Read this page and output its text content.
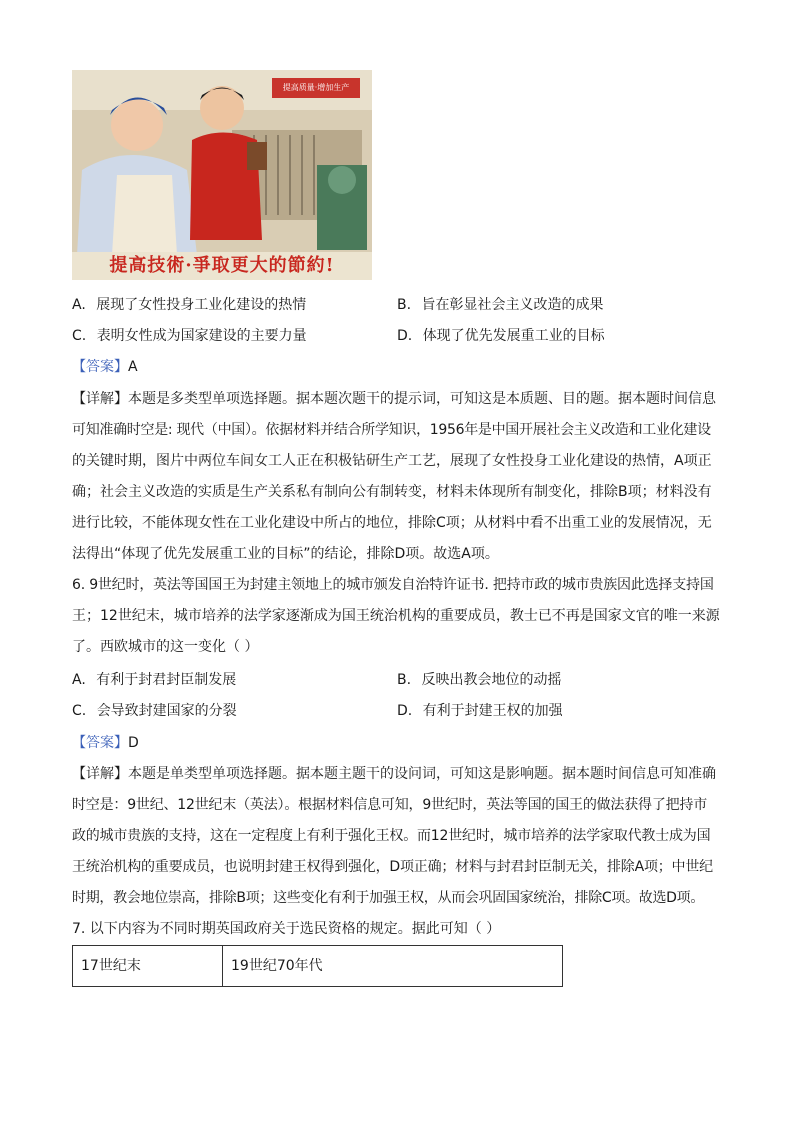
提高技術·爭取更大的節約!
提高质量·增加生产
A. 展现了女性投身工业化建设的热情	B. 旨在彰显社会主义改造的成果
C. 表明女性成为国家建设的主要力量	D. 体现了优先发展重工业的目标
【答案】A
【详解】本题是多类型单项选择题。据本题次题干的提示词，可知这是本质题、目的题。据本题时间信息
可知准确时空是: 现代（中国）。依据材料并结合所学知识，1956年是中国开展社会主义改造和工业化建设
的关键时期，图片中两位车间女工人正在积极钻研生产工艺，展现了女性投身工业化建设的热情，A项正
确；社会主义改造的实质是生产关系私有制向公有制转变，材料未体现所有制变化，排除B项；材料没有
进行比较，不能体现女性在工业化建设中所占的地位，排除C项；从材料中看不出重工业的发展情况，无
法得出“体现了优先发展重工业的目标”的结论，排除D项。故选A项。
6. 9世纪时，英法等国国王为封建主领地上的城市颁发自治特许证书. 把持市政的城市贵族因此选择支持国
王；12世纪末，城市培养的法学家逐渐成为国王统治机构的重要成员，教士已不再是国家文官的唯一来源
了。西欧城市的这一变化（ ）
A. 有利于封君封臣制发展	B. 反映出教会地位的动摇
C. 会导致封建国家的分裂	D. 有利于封建王权的加强
【答案】D
【详解】本题是单类型单项选择题。据本题主题干的设问词，可知这是影响题。据本题时间信息可知准确
时空是：9世纪、12世纪末（英法）。根据材料信息可知，9世纪时，英法等国的国王的做法获得了把持市
政的城市贵族的支持，这在一定程度上有利于强化王权。而12世纪时，城市培养的法学家取代教士成为国
王统治机构的重要成员，也说明封建王权得到强化，D项正确；材料与封君封臣制无关，排除A项；中世纪
时期，教会地位崇高，排除B项；这些变化有利于加强王权，从而会巩固国家统治，排除C项。故选D项。
7. 以下内容为不同时期英国政府关于选民资格的规定。据此可知（ ）
17世纪末	19世纪70年代
